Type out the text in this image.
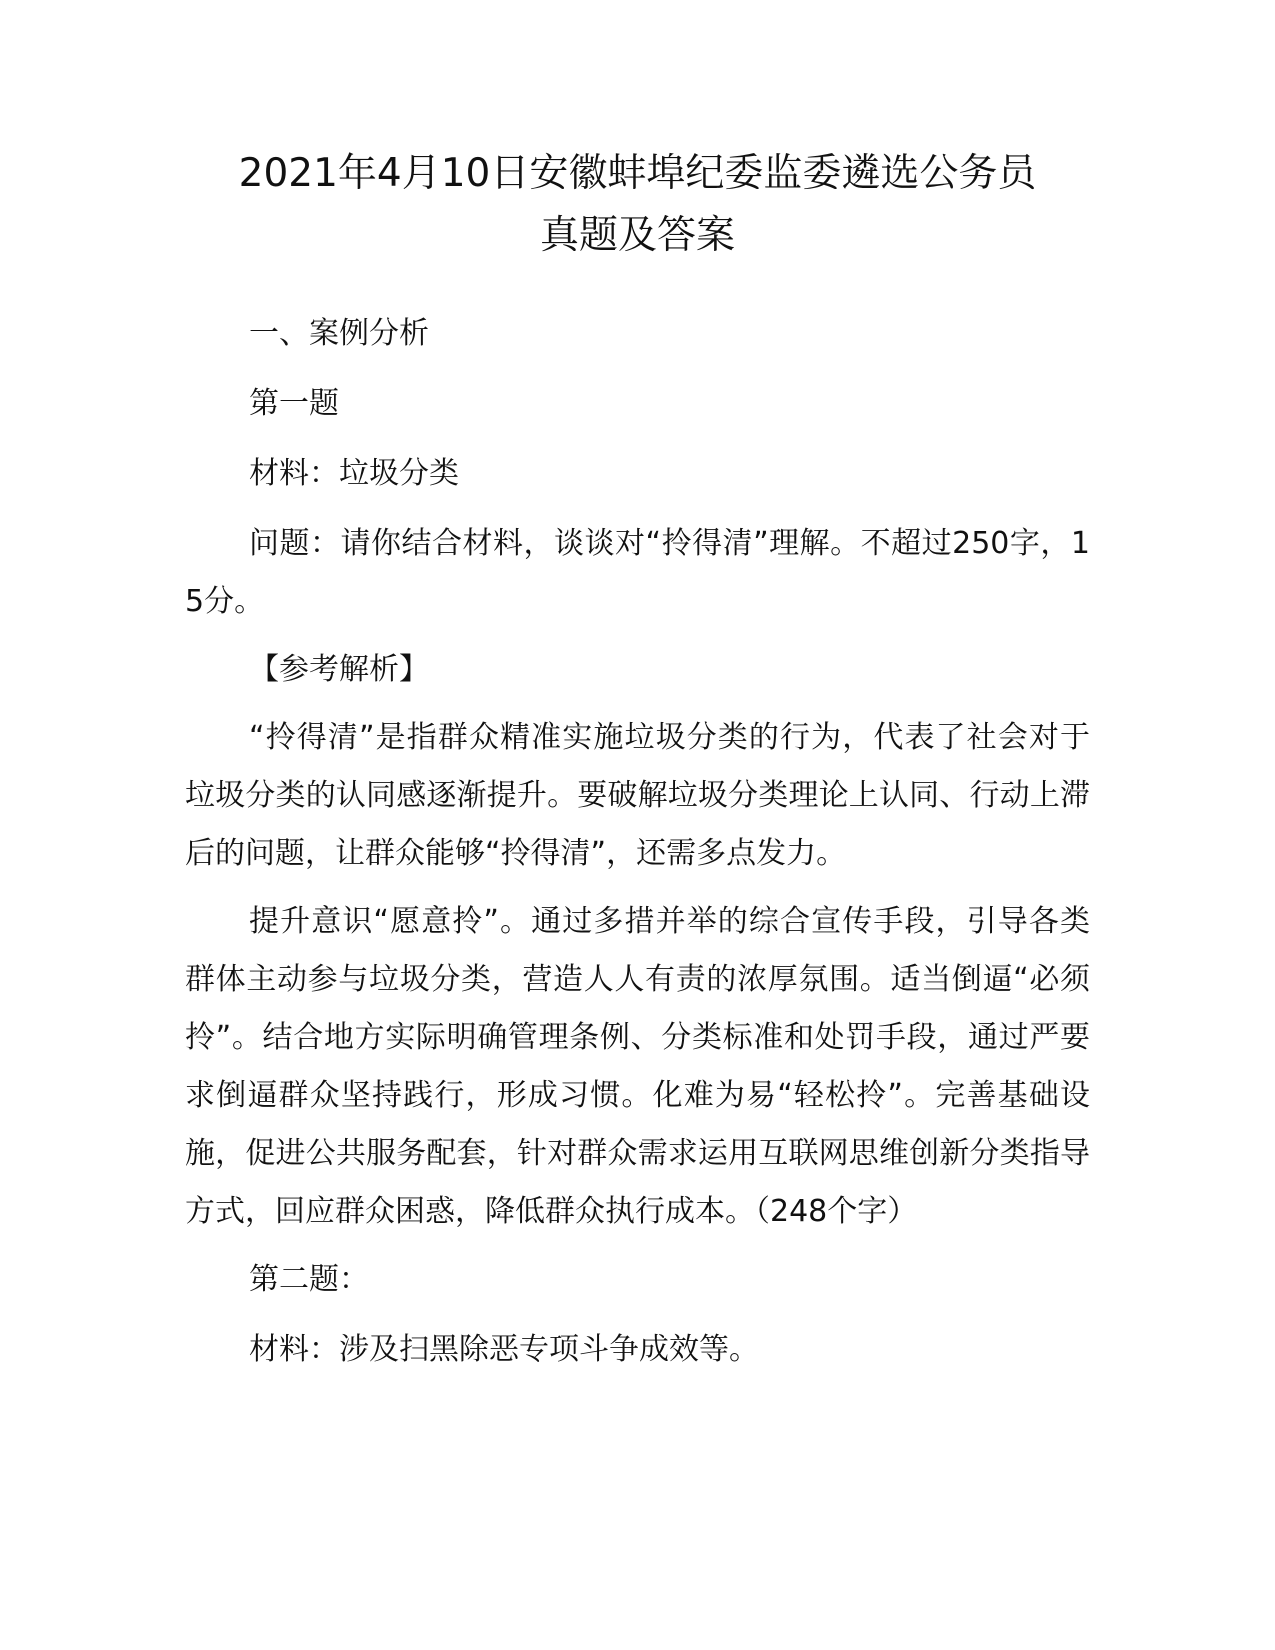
2021年4月10日安徽蚌埠纪委监委遴选公务员
真题及答案

一、案例分析

第一题

材料：垃圾分类

问题：请你结合材料，谈谈对“拎得清”理解。不超过250字，15分。

【参考解析】

“拎得清”是指群众精准实施垃圾分类的行为，代表了社会对于垃圾分类的认同感逐渐提升。要破解垃圾分类理论上认同、行动上滞后的问题，让群众能够“拎得清”，还需多点发力。

提升意识“愿意拎”。通过多措并举的综合宣传手段，引导各类群体主动参与垃圾分类，营造人人有责的浓厚氛围。适当倒逼“必须拎”。结合地方实际明确管理条例、分类标准和处罚手段，通过严要求倒逼群众坚持践行，形成习惯。化难为易“轻松拎”。完善基础设施，促进公共服务配套，针对群众需求运用互联网思维创新分类指导方式，回应群众困惑，降低群众执行成本。（248个字）

第二题：

材料：涉及扫黑除恶专项斗争成效等。
